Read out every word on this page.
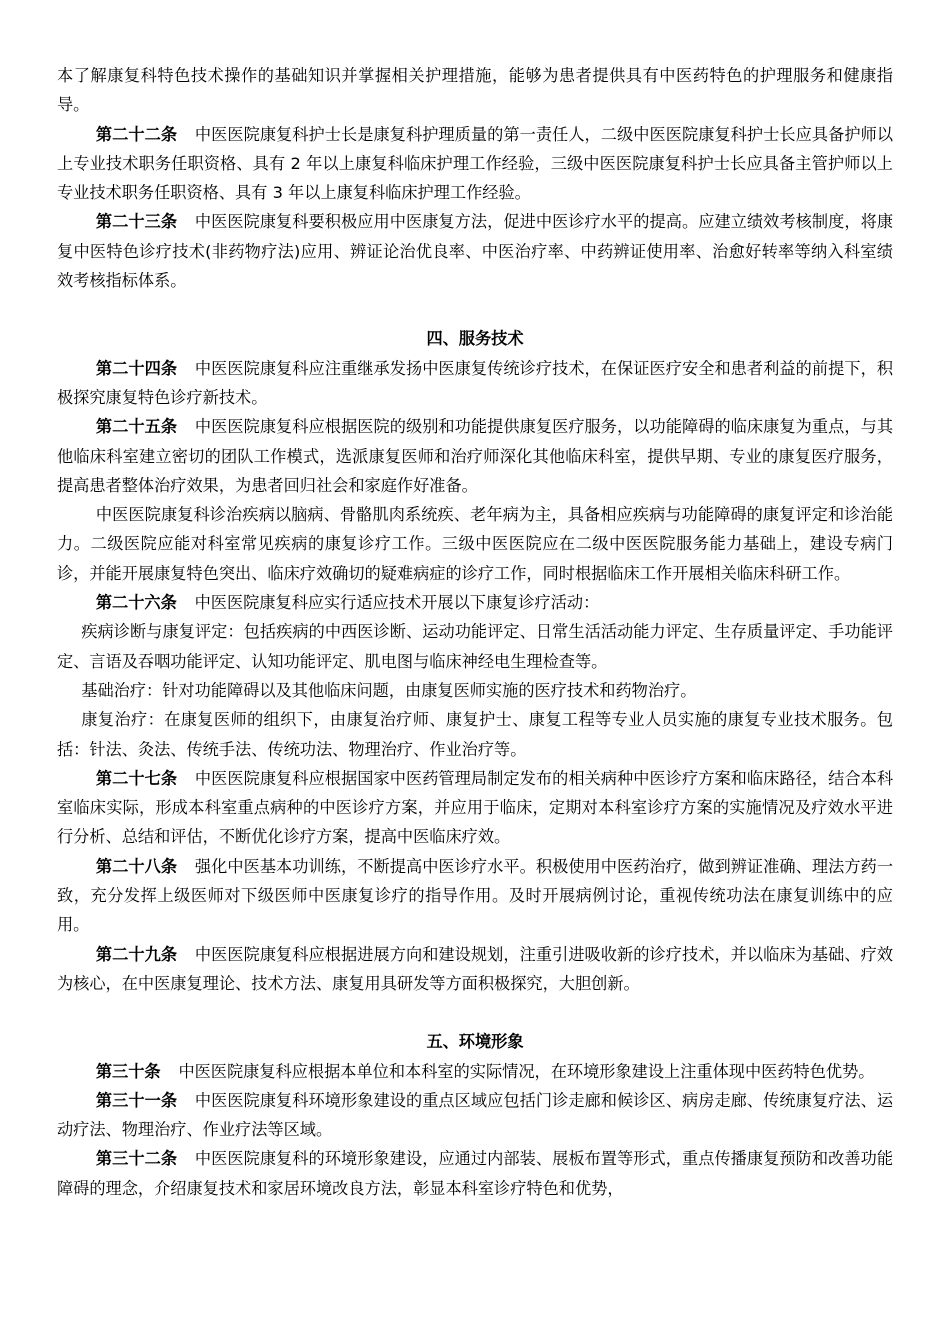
本了解康复科特色技术操作的基础知识并掌握相关护理措施，能够为患者提供具有中医药特色的护理服务和健康指导。

第二十二条 中医医院康复科护士长是康复科护理质量的第一责任人，二级中医医院康复科护士长应具备护师以上专业技术职务任职资格、具有 2 年以上康复科临床护理工作经验，三级中医医院康复科护士长应具备主管护师以上专业技术职务任职资格、具有 3 年以上康复科临床护理工作经验。

第二十三条 中医医院康复科要积极应用中医康复方法，促进中医诊疗水平的提高。应建立绩效考核制度，将康复中医特色诊疗技术(非药物疗法)应用、辨证论治优良率、中医治疗率、中药辨证使用率、治愈好转率等纳入科室绩效考核指标体系。

四、服务技术

第二十四条 中医医院康复科应注重继承发扬中医康复传统诊疗技术，在保证医疗安全和患者利益的前提下，积极探究康复特色诊疗新技术。

第二十五条 中医医院康复科应根据医院的级别和功能提供康复医疗服务，以功能障碍的临床康复为重点，与其他临床科室建立密切的团队工作模式，选派康复医师和治疗师深化其他临床科室，提供早期、专业的康复医疗服务，提高患者整体治疗效果，为患者回归社会和家庭作好准备。

中医医院康复科诊治疾病以脑病、骨骼肌肉系统疾、老年病为主，具备相应疾病与功能障碍的康复评定和诊治能力。二级医院应能对科室常见疾病的康复诊疗工作。三级中医医院应在二级中医医院服务能力基础上，建设专病门诊，并能开展康复特色突出、临床疗效确切的疑难病症的诊疗工作，同时根据临床工作开展相关临床科研工作。

第二十六条 中医医院康复科应实行适应技术开展以下康复诊疗活动：

疾病诊断与康复评定：包括疾病的中西医诊断、运动功能评定、日常生活活动能力评定、生存质量评定、手功能评定、言语及吞咽功能评定、认知功能评定、肌电图与临床神经电生理检查等。

基础治疗：针对功能障碍以及其他临床问题，由康复医师实施的医疗技术和药物治疗。

康复治疗：在康复医师的组织下，由康复治疗师、康复护士、康复工程等专业人员实施的康复专业技术服务。包括：针法、灸法、传统手法、传统功法、物理治疗、作业治疗等。

第二十七条 中医医院康复科应根据国家中医药管理局制定发布的相关病种中医诊疗方案和临床路径，结合本科室临床实际，形成本科室重点病种的中医诊疗方案，并应用于临床，定期对本科室诊疗方案的实施情况及疗效水平进行分析、总结和评估，不断优化诊疗方案，提高中医临床疗效。

第二十八条 强化中医基本功训练，不断提高中医诊疗水平。积极使用中医药治疗，做到辨证准确、理法方药一致，充分发挥上级医师对下级医师中医康复诊疗的指导作用。及时开展病例讨论，重视传统功法在康复训练中的应用。

第二十九条 中医医院康复科应根据进展方向和建设规划，注重引进吸收新的诊疗技术，并以临床为基础、疗效为核心，在中医康复理论、技术方法、康复用具研发等方面积极探究，大胆创新。

五、环境形象

第三十条 中医医院康复科应根据本单位和本科室的实际情况，在环境形象建设上注重体现中医药特色优势。

第三十一条 中医医院康复科环境形象建设的重点区域应包括门诊走廊和候诊区、病房走廊、传统康复疗法、运动疗法、物理治疗、作业疗法等区域。

第三十二条 中医医院康复科的环境形象建设，应通过内部装、展板布置等形式，重点传播康复预防和改善功能障碍的理念，介绍康复技术和家居环境改良方法，彰显本科室诊疗特色和优势，
